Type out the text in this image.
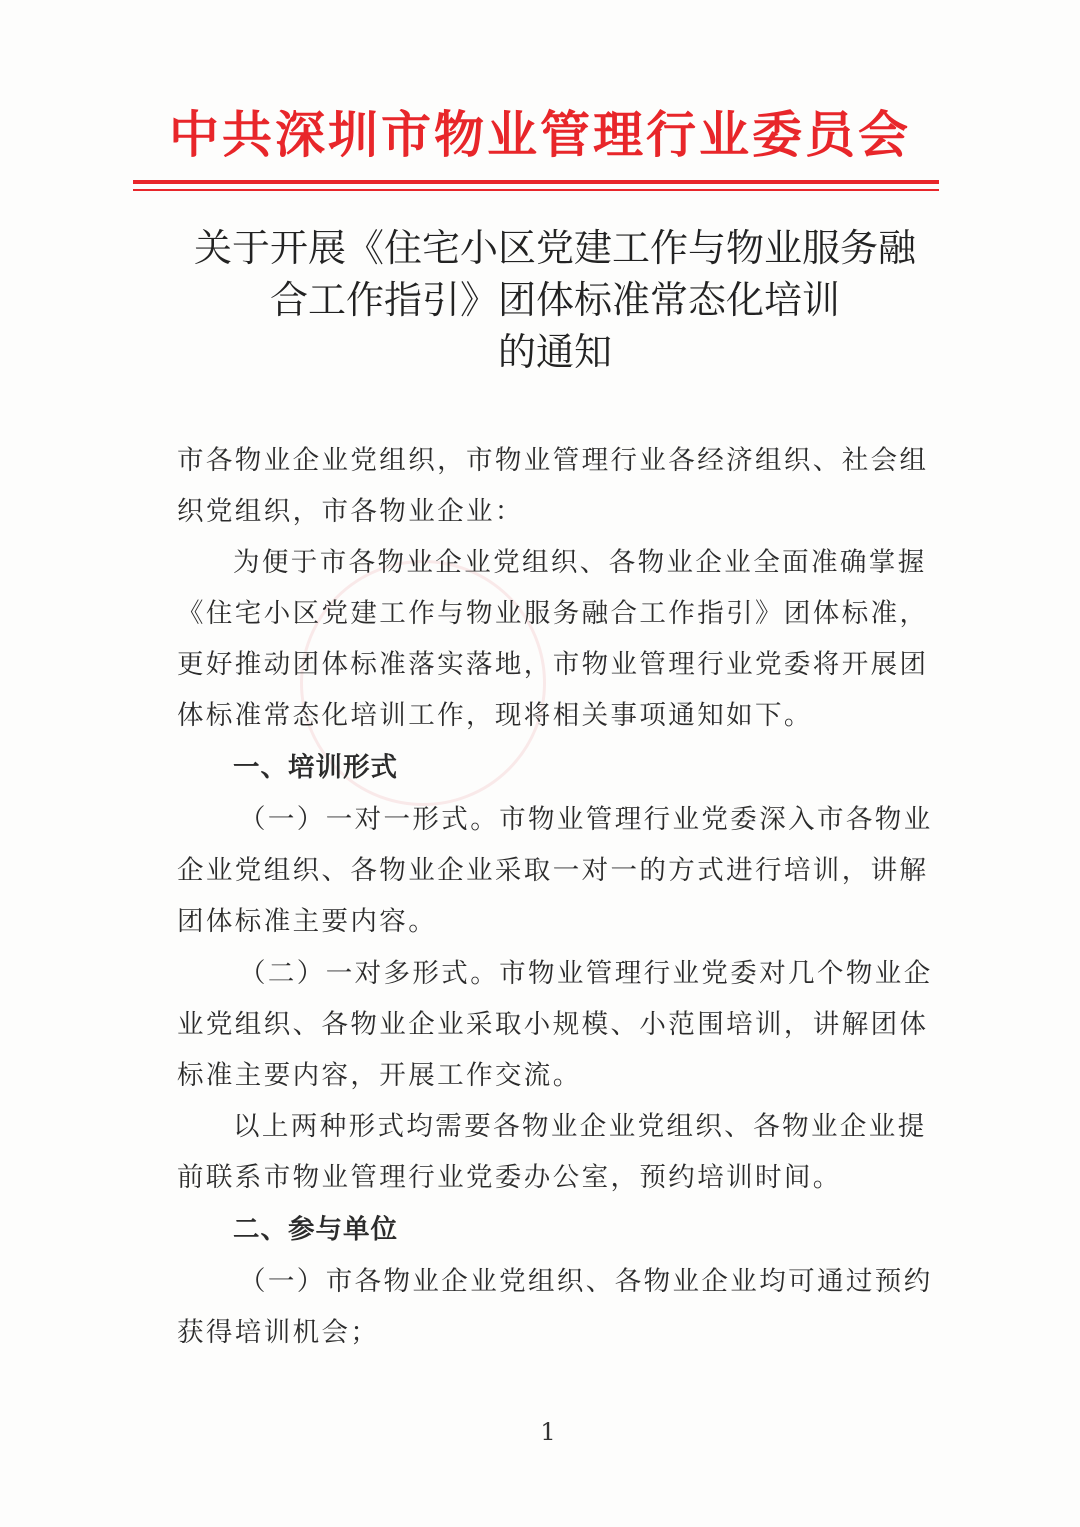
中共深圳市物业管理行业委员会
关于开展《住宅小区党建工作与物业服务融
合工作指引》团体标准常态化培训
的通知
市各物业企业党组织，市物业管理行业各经济组织、社会组
织党组织，市各物业企业：
为便于市各物业企业党组织、各物业企业全面准确掌握
《住宅小区党建工作与物业服务融合工作指引》团体标准，
更好推动团体标准落实落地，市物业管理行业党委将开展团
体标准常态化培训工作，现将相关事项通知如下。
一、培训形式
（一）一对一形式。市物业管理行业党委深入市各物业
企业党组织、各物业企业采取一对一的方式进行培训，讲解
团体标准主要内容。
（二）一对多形式。市物业管理行业党委对几个物业企
业党组织、各物业企业采取小规模、小范围培训，讲解团体
标准主要内容，开展工作交流。
以上两种形式均需要各物业企业党组织、各物业企业提
前联系市物业管理行业党委办公室，预约培训时间。
二、参与单位
（一）市各物业企业党组织、各物业企业均可通过预约
获得培训机会；
1
